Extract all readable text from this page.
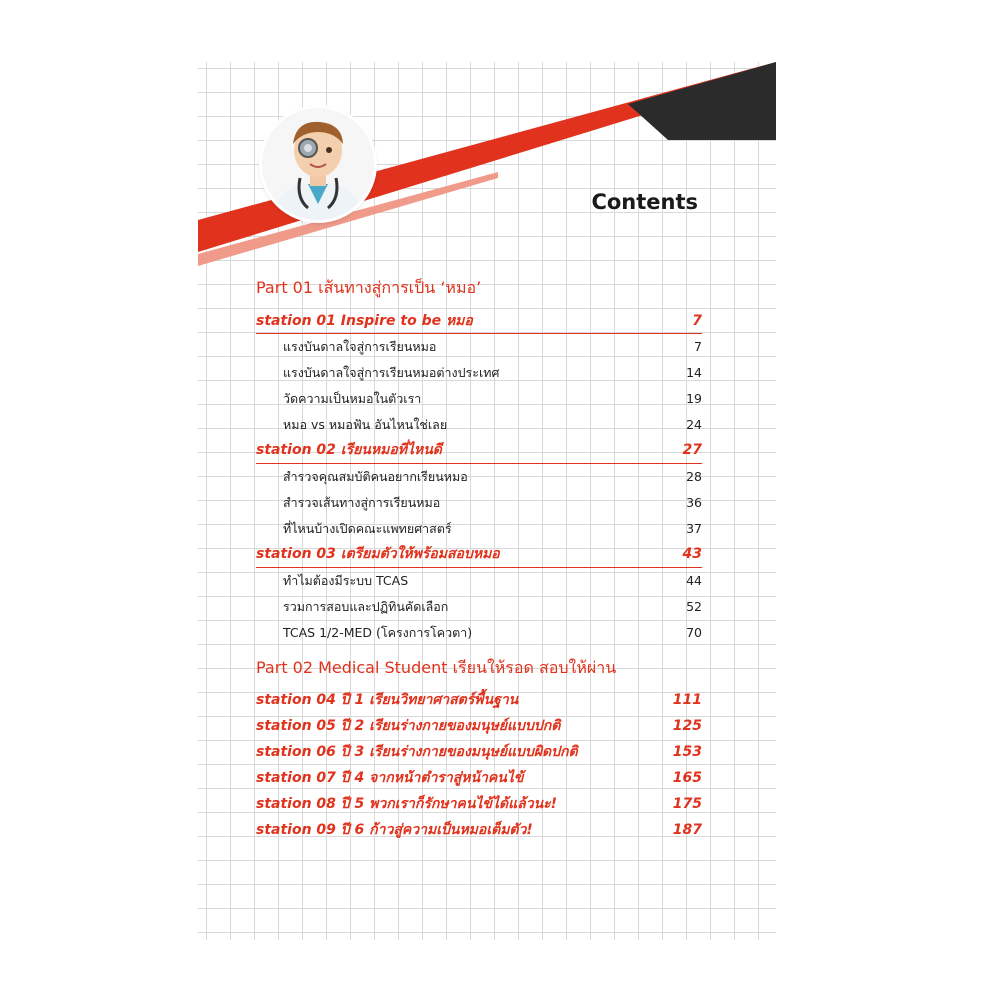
Contents
Part 01 เส้นทางสู่การเป็น ‘หมอ’
station 01 Inspire to be หมอ	7
แรงบันดาลใจสู่การเรียนหมอ	7
แรงบันดาลใจสู่การเรียนหมอต่างประเทศ	14
วัดความเป็นหมอในตัวเรา	19
หมอ vs หมอฟัน อันไหนใช่เลย	24
station 02 เรียนหมอที่ไหนดี	27
สำรวจคุณสมบัติคนอยากเรียนหมอ	28
สำรวจเส้นทางสู่การเรียนหมอ	36
ที่ไหนบ้างเปิดคณะแพทยศาสตร์	37
station 03 เตรียมตัวให้พร้อมสอบหมอ	43
ทำไมต้องมีระบบ TCAS	44
รวมการสอบและปฏิทินคัดเลือก	52
TCAS 1/2-MED (โครงการโควตา)	70
Part 02 Medical Student เรียนให้รอด สอบให้ผ่าน
station 04 ปี 1 เรียนวิทยาศาสตร์พื้นฐาน	111
station 05 ปี 2 เรียนร่างกายของมนุษย์แบบปกติ	125
station 06 ปี 3 เรียนร่างกายของมนุษย์แบบผิดปกติ	153
station 07 ปี 4 จากหน้าตำราสู่หน้าคนไข้	165
station 08 ปี 5 พวกเราก็รักษาคนไข้ได้แล้วนะ!	175
station 09 ปี 6 ก้าวสู่ความเป็นหมอเต็มตัว!	187
